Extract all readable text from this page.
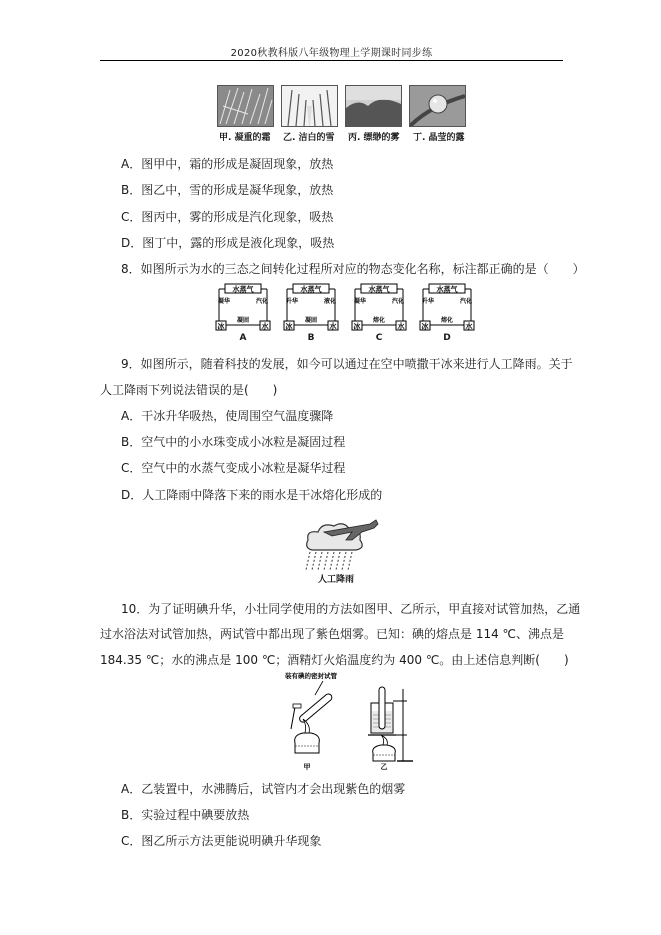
2020秋教科版八年级物理上学期课时同步练
甲. 凝重的霜	乙. 洁白的雪	丙. 缥缈的雾	丁. 晶莹的露
A．图甲中，霜的形成是凝固现象，放热
B．图乙中，雪的形成是凝华现象，放热
C．图丙中，雾的形成是汽化现象，吸热
D．图丁中，露的形成是液化现象，吸热
8．如图所示为水的三态之间转化过程所对应的物态变化名称，标注都正确的是（　　）
水蒸气
冰	水
凝华	汽化
凝固
水蒸气
冰	水
升华	液化
凝固
水蒸气
冰	水
凝华	汽化
熔化
水蒸气
冰	水
升华	汽化
熔化
A	B	C	D
9．如图所示，随着科技的发展，如今可以通过在空中喷撒干冰来进行人工降雨。关于
人工降雨下列说法错误的是(　　)
A．干冰升华吸热，使周围空气温度骤降
B．空气中的小水珠变成小冰粒是凝固过程
C．空气中的水蒸气变成小冰粒是凝华过程
D．人工降雨中降落下来的雨水是干冰熔化形成的
人工降雨
10．为了证明碘升华，小壮同学使用的方法如图甲、乙所示，甲直接对试管加热，乙通
过水浴法对试管加热，两试管中都出现了紫色烟雾。已知：碘的熔点是 114 ℃、沸点是
184.35 ℃；水的沸点是 100 ℃；酒精灯火焰温度约为 400 ℃。由上述信息判断(　　)
装有碘的密封试管
甲	乙
A．乙装置中，水沸腾后，试管内才会出现紫色的烟雾
B．实验过程中碘要放热
C．图乙所示方法更能说明碘升华现象
